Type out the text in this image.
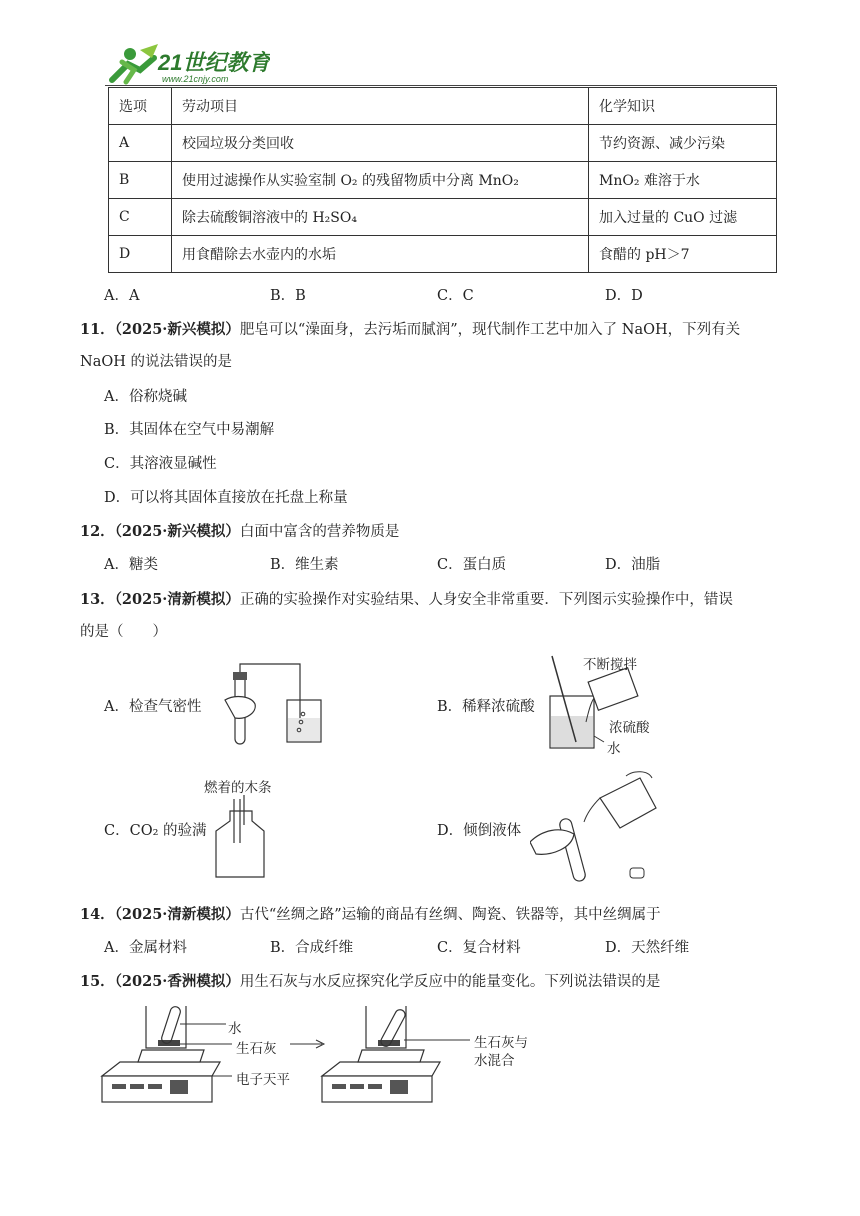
21世纪教育
www.21cnjy.com
选项	劳动项目	化学知识
A	校园垃圾分类回收	节约资源、减少污染
B	使用过滤操作从实验室制 O₂ 的残留物质中分离 MnO₂	MnO₂ 难溶于水
C	除去硫酸铜溶液中的 H₂SO₄	加入过量的 CuO 过滤
D	用食醋除去水壶内的水垢	食醋的 pH＞7
A．A	B．B	C．C	D．D
11．（2025·新兴模拟）肥皂可以“澡面身，去污垢而腻润”，现代制作工艺中加入了 NaOH，下列有关
NaOH 的说法错误的是
A．俗称烧碱
B．其固体在空气中易潮解
C．其溶液显碱性
D．可以将其固体直接放在托盘上称量
12．（2025·新兴模拟）白面中富含的营养物质是
A．糖类	B．维生素	C．蛋白质	D．油脂
13．（2025·清新模拟）正确的实验操作对实验结果、人身安全非常重要．下列图示实验操作中，错误
的是（　　）
A．检查气密性	B．稀释浓硫酸
C．CO₂ 的验满	D．倾倒液体
不断搅拌
浓硫酸
水
燃着的木条
14．（2025·清新模拟）古代“丝绸之路”运输的商品有丝绸、陶瓷、铁器等，其中丝绸属于
A．金属材料	B．合成纤维	C．复合材料	D．天然纤维
15．（2025·香洲模拟）用生石灰与水反应探究化学反应中的能量变化。下列说法错误的是
水
生石灰
电子天平
生石灰与
水混合
